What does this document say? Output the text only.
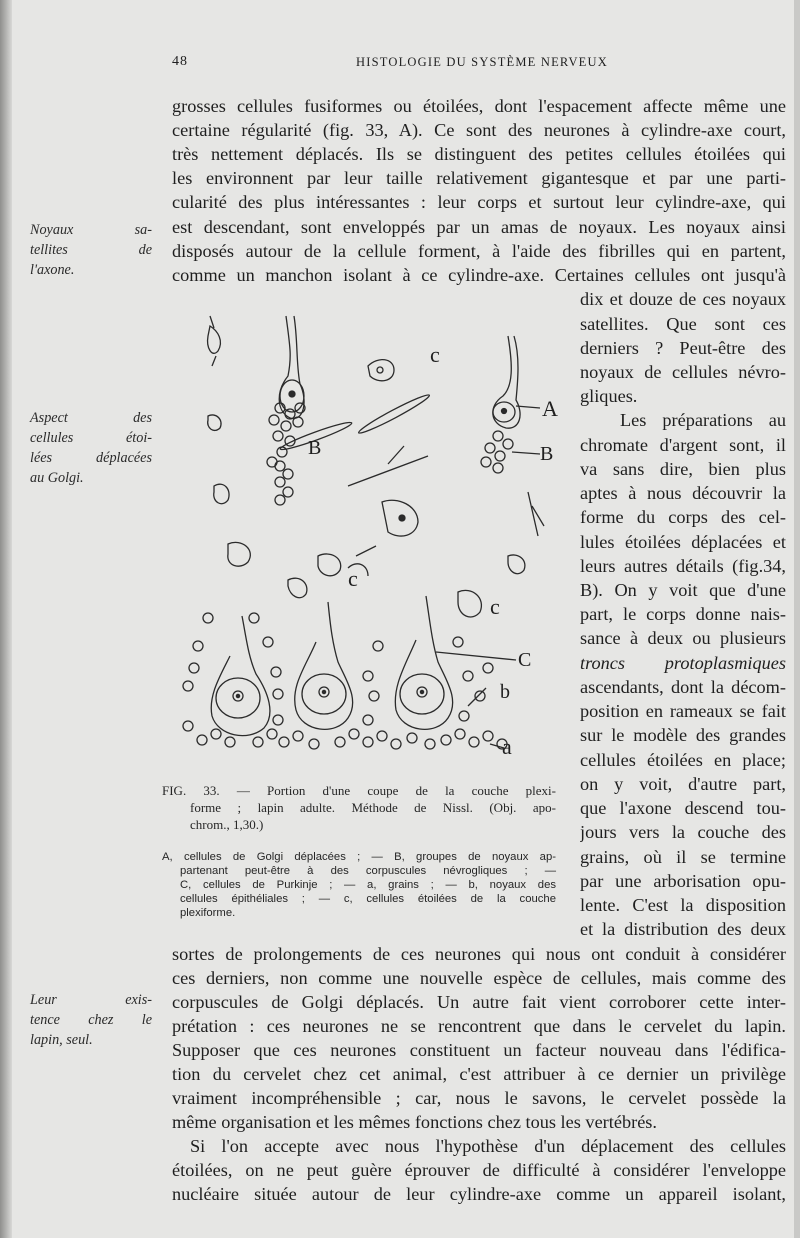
48	HISTOLOGIE DU SYSTÈME NERVEUX
grosses cellules fusiformes ou étoilées, dont l'espacement affecte même une
certaine régularité (fig. 33, A). Ce sont des neurones à cylindre-axe court,
très nettement déplacés. Ils se distinguent des petites cellules étoilées qui
les environnent par leur taille relativement gigantesque et par une parti-
cularité des plus intéressantes : leur corps et surtout leur cylindre-axe, qui
est descendant, sont enveloppés par un amas de noyaux. Les noyaux ainsi
disposés autour de la cellule forment, à l'aide des fibrilles qui en partent,
comme un manchon isolant à ce cylindre-axe. Certaines cellules ont jusqu'à
Noyaux sa-
tellites de
l'axone.
Aspect des
cellules étoi-
lées déplacées
au Golgi.
Leur exis-
tence chez le
lapin, seul.
dix et douze de ces noyaux
satellites. Que sont ces
derniers ? Peut-être des
noyaux de cellules névro-
gliques.
Les préparations au
chromate d'argent sont, il
va sans dire, bien plus
aptes à nous découvrir la
forme du corps des cel-
lules étoilées déplacées et
leurs autres détails (fig.34,
B). On y voit que d'une
part, le corps donne nais-
sance à deux ou plusieurs
troncs protoplasmiques
ascendants, dont la décom-
position en rameaux se fait
sur le modèle des grandes
cellules étoilées en place;
on y voit, d'autre part,
que l'axone descend tou-
jours vers la couche des
grains, où il se termine
par une arborisation opu-
lente. C'est la disposition
et la distribution des deux
A
B	B
c
c
c
C
b
a
FIG. 33. — Portion d'une coupe de la couche plexi-
forme ; lapin adulte. Méthode de Nissl. (Obj. apo-
chrom., 1,30.)
A, cellules de Golgi déplacées ; — B, groupes de noyaux ap-
partenant peut-être à des corpuscules névrogliques ; —
C, cellules de Purkinje ; — a, grains ; — b, noyaux des
cellules épithéliales ; — c, cellules étoilées de la couche
plexiforme.
sortes de prolongements de ces neurones qui nous ont conduit à considérer
ces derniers, non comme une nouvelle espèce de cellules, mais comme des
corpuscules de Golgi déplacés. Un autre fait vient corroborer cette inter-
prétation : ces neurones ne se rencontrent que dans le cervelet du lapin.
Supposer que ces neurones constituent un facteur nouveau dans l'édifica-
tion du cervelet chez cet animal, c'est attribuer à ce dernier un privilège
vraiment incompréhensible ; car, nous le savons, le cervelet possède la
même organisation et les mêmes fonctions chez tous les vertébrés.
Si l'on accepte avec nous l'hypothèse d'un déplacement des cellules
étoilées, on ne peut guère éprouver de difficulté à considérer l'enveloppe
nucléaire située autour de leur cylindre-axe comme un appareil isolant,
